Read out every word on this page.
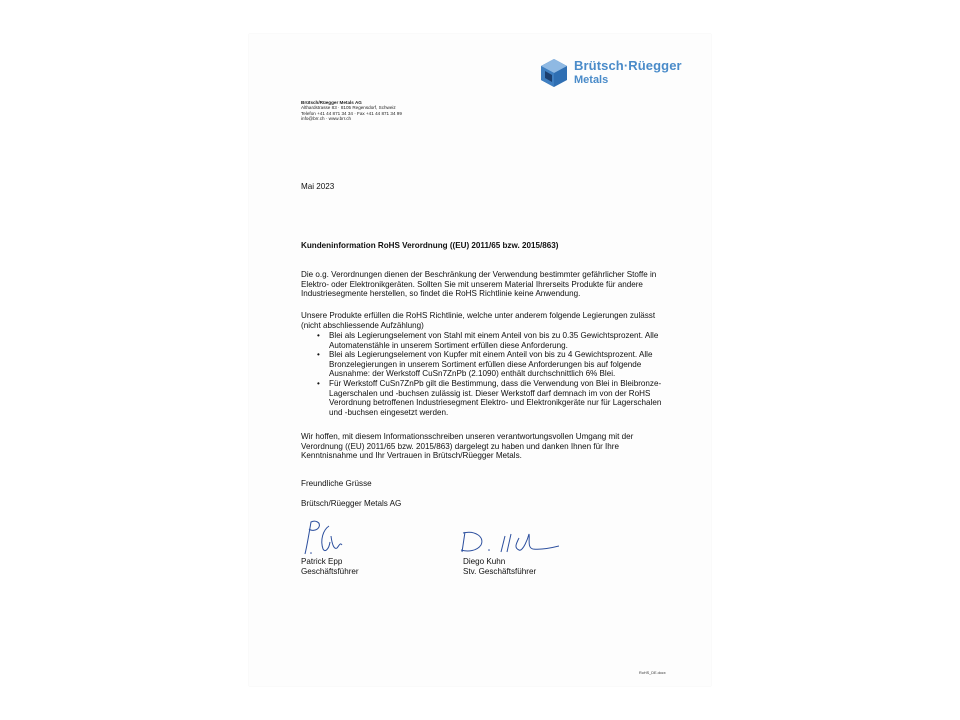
Brütsch·Rüegger
Metals
Brütsch/Rüegger Metals AG
Althardstrasse 83 · 8105 Regensdorf, Schweiz
Telefon +41 44 871 34 34 · Fax +41 44 871 34 99
info@brr.ch · www.brr.ch
Mai 2023
Kundeninformation RoHS Verordnung ((EU) 2011/65 bzw. 2015/863)
Die o.g. Verordnungen dienen der Beschränkung der Verwendung bestimmter gefährlicher Stoffe in Elektro- oder Elektronikgeräten. Sollten Sie mit unserem Material Ihrerseits Produkte für andere Industriesegmente herstellen, so findet die RoHS Richtlinie keine Anwendung.
Unsere Produkte erfüllen die RoHS Richtlinie, welche unter anderem folgende Legierungen zulässt (nicht abschliessende Aufzählung)
• Blei als Legierungselement von Stahl mit einem Anteil von bis zu 0.35 Gewichtsprozent. Alle Automatenstähle in unserem Sortiment erfüllen diese Anforderung.
• Blei als Legierungselement von Kupfer mit einem Anteil von bis zu 4 Gewichtsprozent. Alle Bronzelegierungen in unserem Sortiment erfüllen diese Anforderungen bis auf folgende Ausnahme: der Werkstoff CuSn7ZnPb (2.1090) enthält durchschnittlich 6% Blei.
• Für Werkstoff CuSn7ZnPb gilt die Bestimmung, dass die Verwendung von Blei in Bleibronze-Lagerschalen und -buchsen zulässig ist. Dieser Werkstoff darf demnach im von der RoHS Verordnung betroffenen Industriesegment Elektro- und Elektronikgeräte nur für Lagerschalen und -buchsen eingesetzt werden.
Wir hoffen, mit diesem Informationsschreiben unseren verantwortungsvollen Umgang mit der Verordnung ((EU) 2011/65 bzw. 2015/863) dargelegt zu haben und danken Ihnen für Ihre Kenntnisnahme und Ihr Vertrauen in Brütsch/Rüegger Metals.
Freundliche Grüsse
Brütsch/Rüegger Metals AG
Patrick Epp
Geschäftsführer
Diego Kuhn
Stv. Geschäftsführer
RoHS_DE.docx
